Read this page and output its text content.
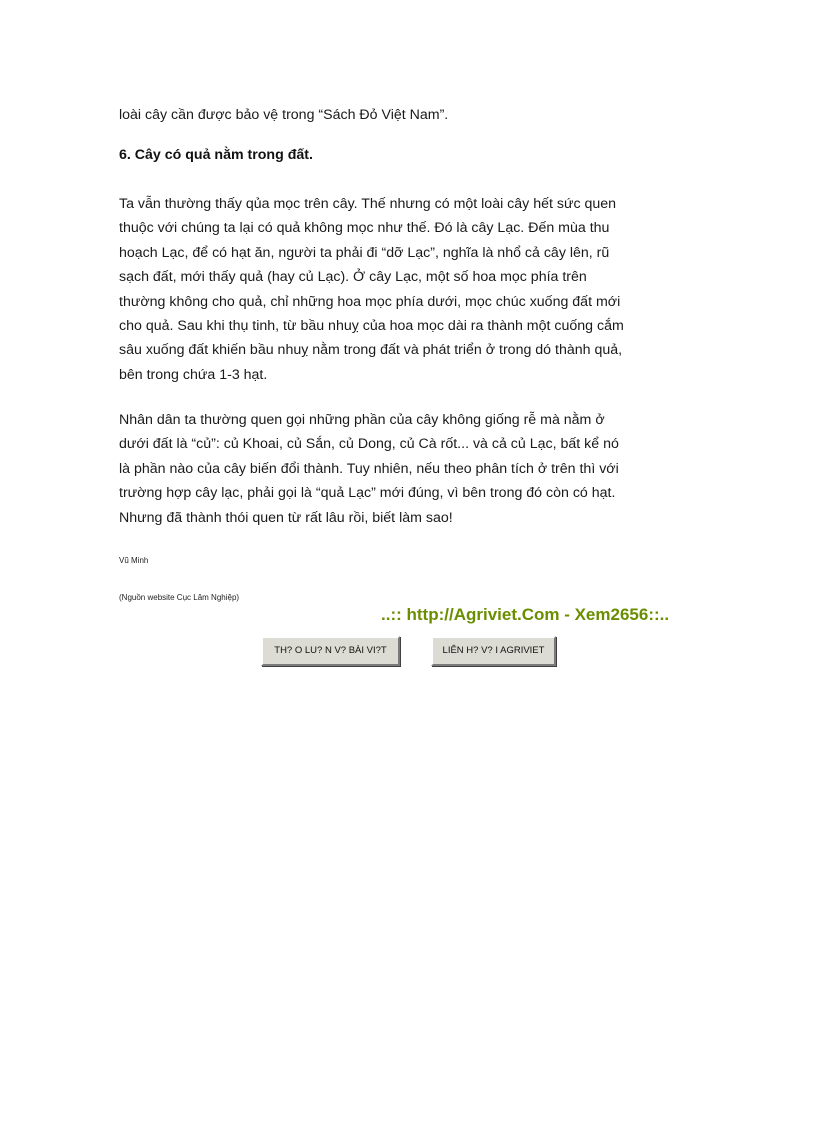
loài cây cần được bảo vệ trong “Sách Đỏ Việt Nam”.
6. Cây có quả nằm trong đất.
Ta vẫn thường thấy qủa mọc trên cây. Thế nhưng có một loài cây hết sức quen
thuộc với chúng ta lại có quả không mọc như thế. Đó là cây Lạc. Đến mùa thu
hoạch Lạc, để có hạt ăn, người ta phải đi “dỡ Lạc”, nghĩa là nhổ cả cây lên, rũ
sạch đất, mới thấy quả (hay củ Lạc). Ở cây Lạc, một số hoa mọc phía trên
thường không cho quả, chỉ những hoa mọc phía dưới, mọc chúc xuống đất mới
cho quả. Sau khi thụ tinh, từ bầu nhuỵ của hoa mọc dài ra thành một cuống cắm
sâu xuống đất khiến bầu nhuỵ nằm trong đất và phát triển ở trong dó thành quả,
bên trong chứa 1-3 hạt.
Nhân dân ta thường quen gọi những phần của cây không giống rễ mà nằm ở
dưới đất là “củ”: củ Khoai, củ Sắn, củ Dong, củ Cà rốt... và cả củ Lạc, bất kể nó
là phần nào của cây biến đổi thành. Tuy nhiên, nếu theo phân tích ở trên thì với
trường hợp cây lạc, phải gọi là “quả Lạc” mới đúng, vì bên trong đó còn có hạt.
Nhưng đã thành thói quen từ rất lâu rồi, biết làm sao!
Vũ Minh
(Nguồn website Cục Lâm Nghiệp)
..:: http://Agriviet.Com - Xem2656::..
TH? O LU? N V? BÀI VI?T	LIÊN H? V? I AGRIVIET
